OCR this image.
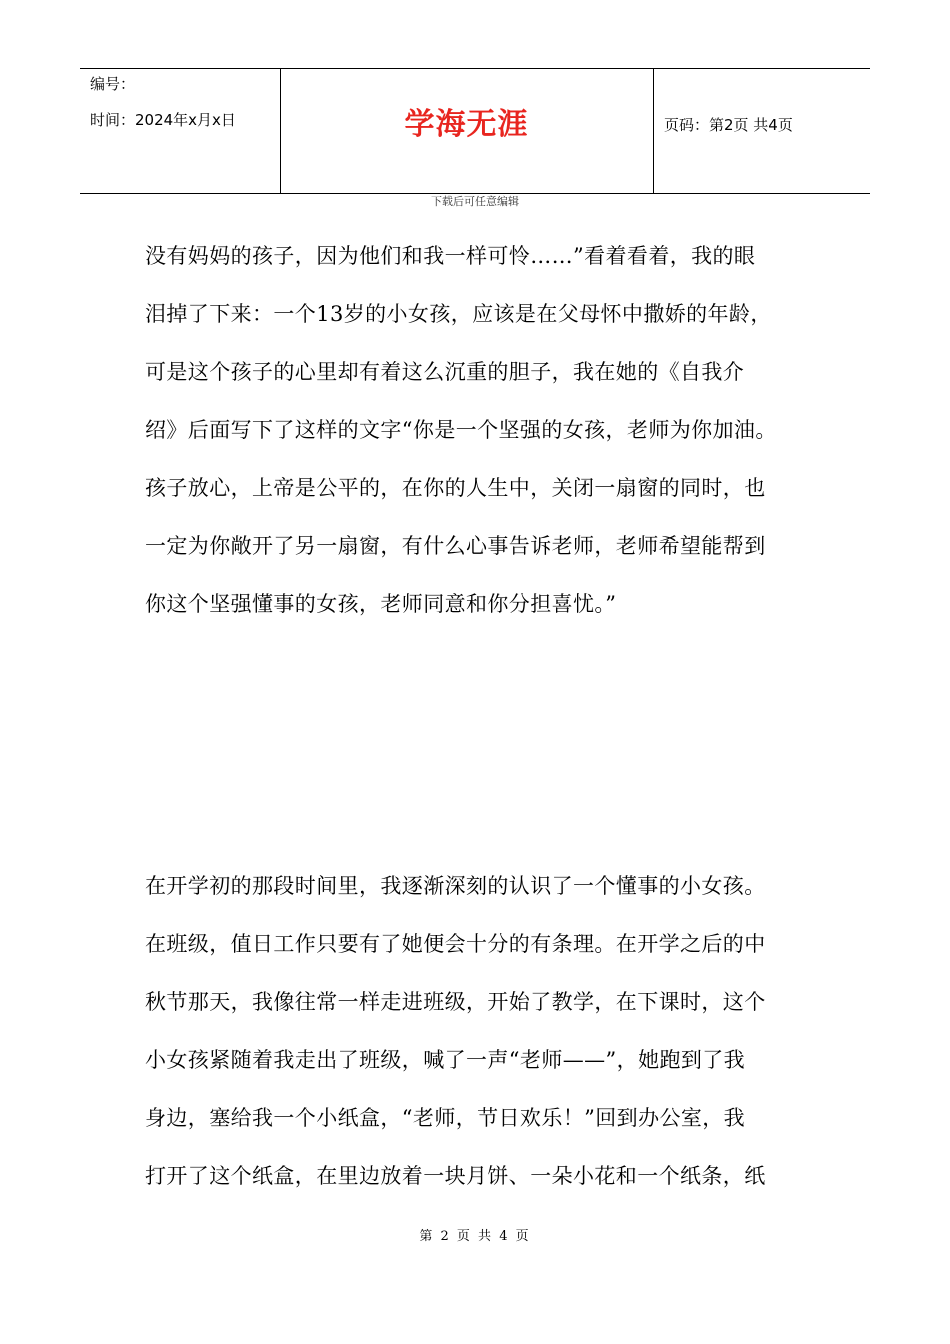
编号：
时间：2024年x月x日	学海无涯	页码：第2页 共4页
下载后可任意编辑
没有妈妈的孩子，因为他们和我一样可怜……”看着看着，我的眼
泪掉了下来：一个13岁的小女孩，应该是在父母怀中撒娇的年龄，
可是这个孩子的心里却有着这么沉重的胆子，我在她的《自我介
绍》后面写下了这样的文字“你是一个坚强的女孩，老师为你加油。
孩子放心，上帝是公平的，在你的人生中，关闭一扇窗的同时，也
一定为你敞开了另一扇窗，有什么心事告诉老师，老师希望能帮到
你这个坚强懂事的女孩，老师同意和你分担喜忧。”
在开学初的那段时间里，我逐渐深刻的认识了一个懂事的小女孩。
在班级，值日工作只要有了她便会十分的有条理。在开学之后的中
秋节那天，我像往常一样走进班级，开始了教学，在下课时，这个
小女孩紧随着我走出了班级，喊了一声“老师——”，她跑到了我
身边，塞给我一个小纸盒，“老师，节日欢乐！”回到办公室，我
打开了这个纸盒，在里边放着一块月饼、一朵小花和一个纸条，纸
第 2 页 共 4 页
